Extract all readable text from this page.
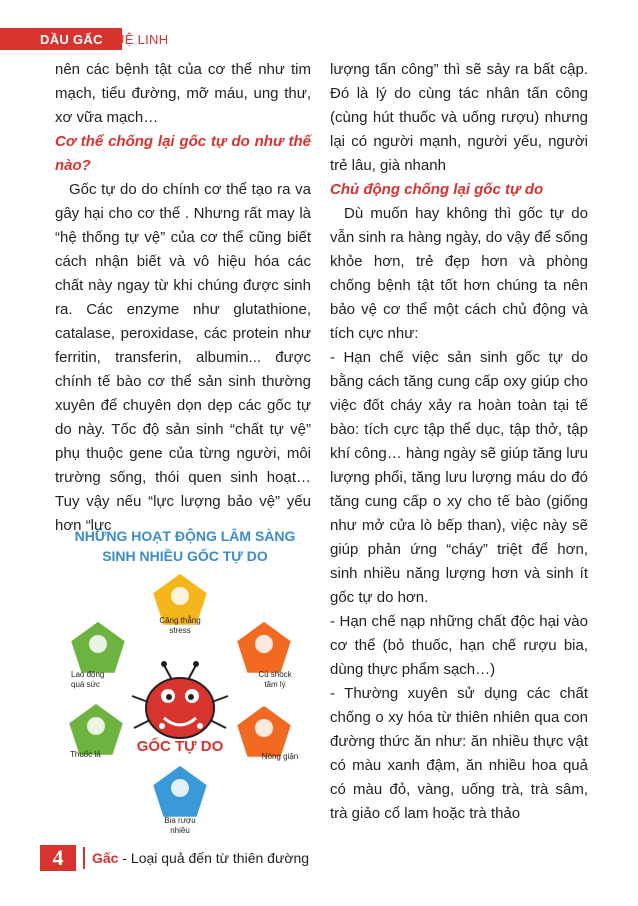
DẦU GẤC TUỆ LINH

nên các bệnh tật của cơ thể như tim mạch, tiểu đường, mỡ máu, ung thư, xơ vữa mạch…

Cơ thể chống lại gốc tự do như thế nào?

Gốc tự do do chính cơ thể tạo ra va gây hại cho cơ thể . Nhưng rất may là “hệ thống tự vệ” của cơ thể cũng biết cách nhận biết và vô hiệu hóa các chất này ngay từ khi chúng được sinh ra. Các enzyme như glutathione, catalase, peroxidase, các protein như ferritin, transferin, albumin... được chính tế bào cơ thể sản sinh thường xuyên để chuyên dọn dẹp các gốc tự do này. Tốc độ sản sinh “chất tự vệ” phụ thuộc gene của từng người, môi trường sống, thói quen sinh hoạt…Tuy vậy nếu “lực lượng bảo vệ” yếu hơn “lực

lượng tấn công” thì sẽ sảy ra bất cập. Đó là lý do cùng tác nhân tấn công (cùng hút thuốc và uống rượu) nhưng lại có người mạnh, người yếu, người trẻ lâu, già nhanh

Chủ động chống lại gốc tự do

Dù muốn hay không thì gốc tự do vẫn sinh ra hàng ngày, do vậy để sống khỏe hơn, trẻ đẹp hơn và phòng chống bệnh tật tốt hơn chúng ta nên bảo vệ cơ thể một cách chủ động và tích cực như:

- Hạn chế việc sản sinh gốc tự do bằng cách tăng cung cấp oxy giúp cho việc đốt cháy xảy ra hoàn toàn tại tế bào: tích cực tập thể dục, tập thở, tập khí công… hàng ngày sẽ giúp tăng lưu lượng phổi, tăng lưu lượng máu do đó tăng cung cấp o xy cho tế bào (giống như mở cửa lò bếp than), việc này sẽ giúp phản ứng “cháy” triệt để hơn, sinh nhiều năng lượng hơn và sinh ít gốc tự do hơn.

- Hạn chế nạp những chất độc hại vào cơ thể (bỏ thuốc, hạn chế rượu bia, dùng thực phẩm sạch…)

- Thường xuyên sử dụng các chất chống o xy hóa từ thiên nhiên qua con đường thức ăn như: ăn nhiều thực vật có màu xanh đậm, ăn nhiều hoa quả có màu đỏ, vàng, uống trà, trà sâm, trà giảo cổ lam hoặc trà thảo

NHỮNG HOẠT ĐỘNG LÂM SÀNG
SINH NHIỀU GỐC TỰ DO
GỐC TỰ DO
Căng thẳng
stress
Lao động
quá sức
Cú shock
tâm lý
Thuốc lá	Nóng giận
Bia rượu
nhiều
4	Gấc - Loại quả đến từ thiên đường
